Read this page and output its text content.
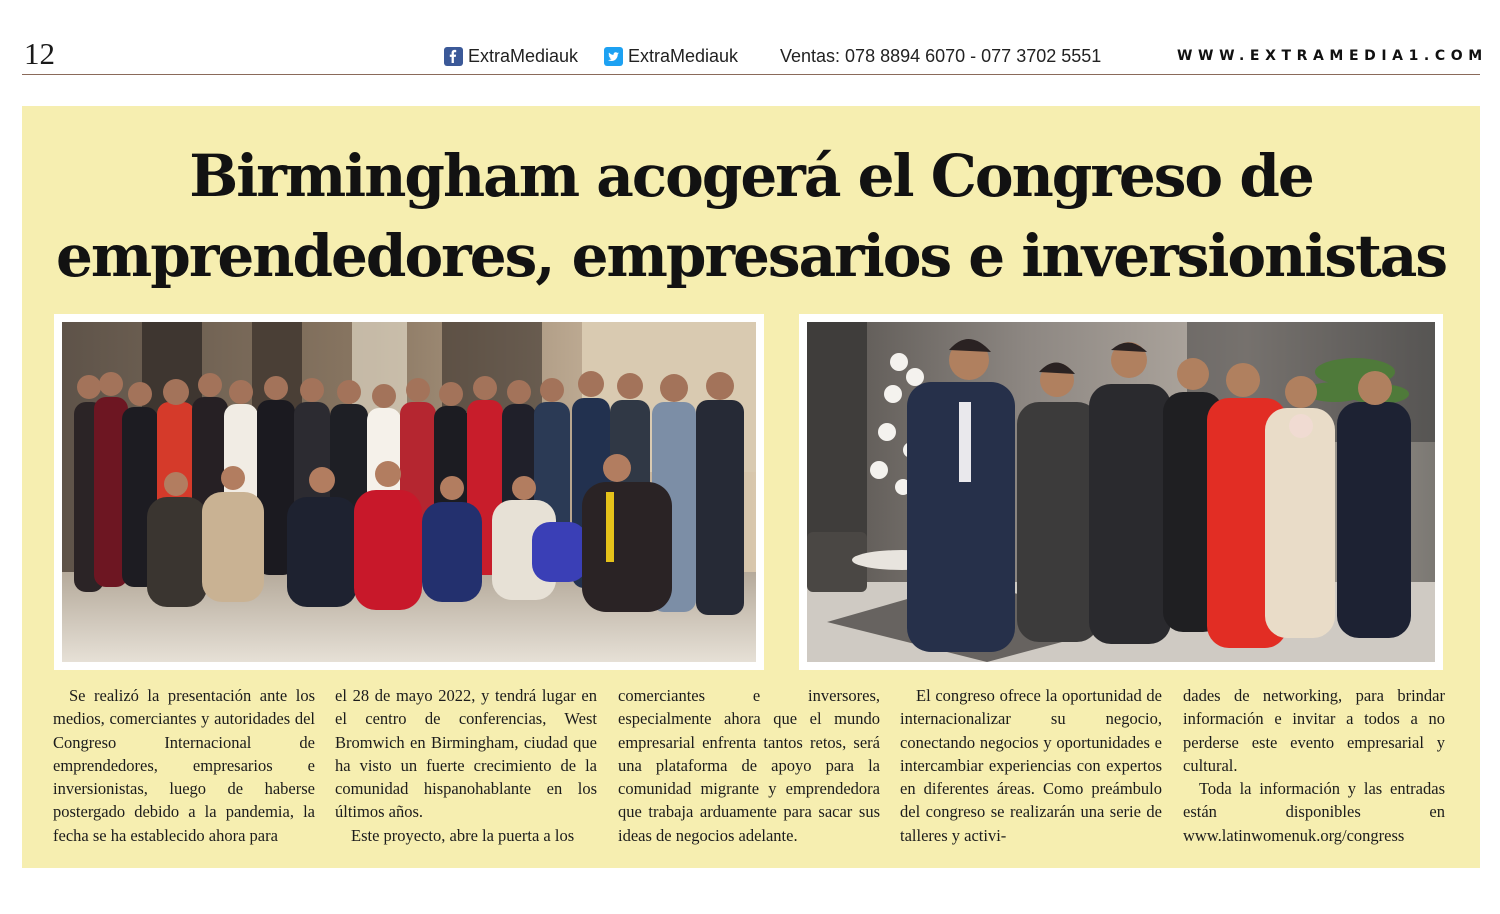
12	ExtraMediauk	ExtraMediauk Ventas: 078 8894 6070 - 077 3702 5551	WWW.EXTRAMEDIA1.COM
Birmingham acogerá el Congreso de
emprendedores, empresarios e inversionistas

Se realizó la presentación ante los medios, comerciantes y autoridades del Congreso Internacional de emprendedores, empresarios e inversionistas, luego de haberse postergado debido a la pandemia, la fecha se ha establecido ahora para

el 28 de mayo 2022, y tendrá lugar en el centro de conferencias, West Bromwich en Birmingham, ciudad que ha visto un fuerte crecimiento de la comunidad hispanohablante en los últimos años.

Este proyecto, abre la puerta a los

comerciantes e inversores, especialmente ahora que el mundo empresarial enfrenta tantos retos, será una plataforma de apoyo para la comunidad migrante y emprendedora que trabaja arduamente para sacar sus ideas de negocios adelante.

El congreso ofrece la oportunidad de internacionalizar su negocio, conectando negocios y oportunidades e intercambiar experiencias con expertos en diferentes áreas. Como preámbulo del congreso se realizarán una serie de talleres y activi-

dades de networking, para brindar información e invitar a todos a no perderse este evento empresarial y cultural.

Toda la información y las entradas están disponibles en www.latinwomenuk.org/congress
